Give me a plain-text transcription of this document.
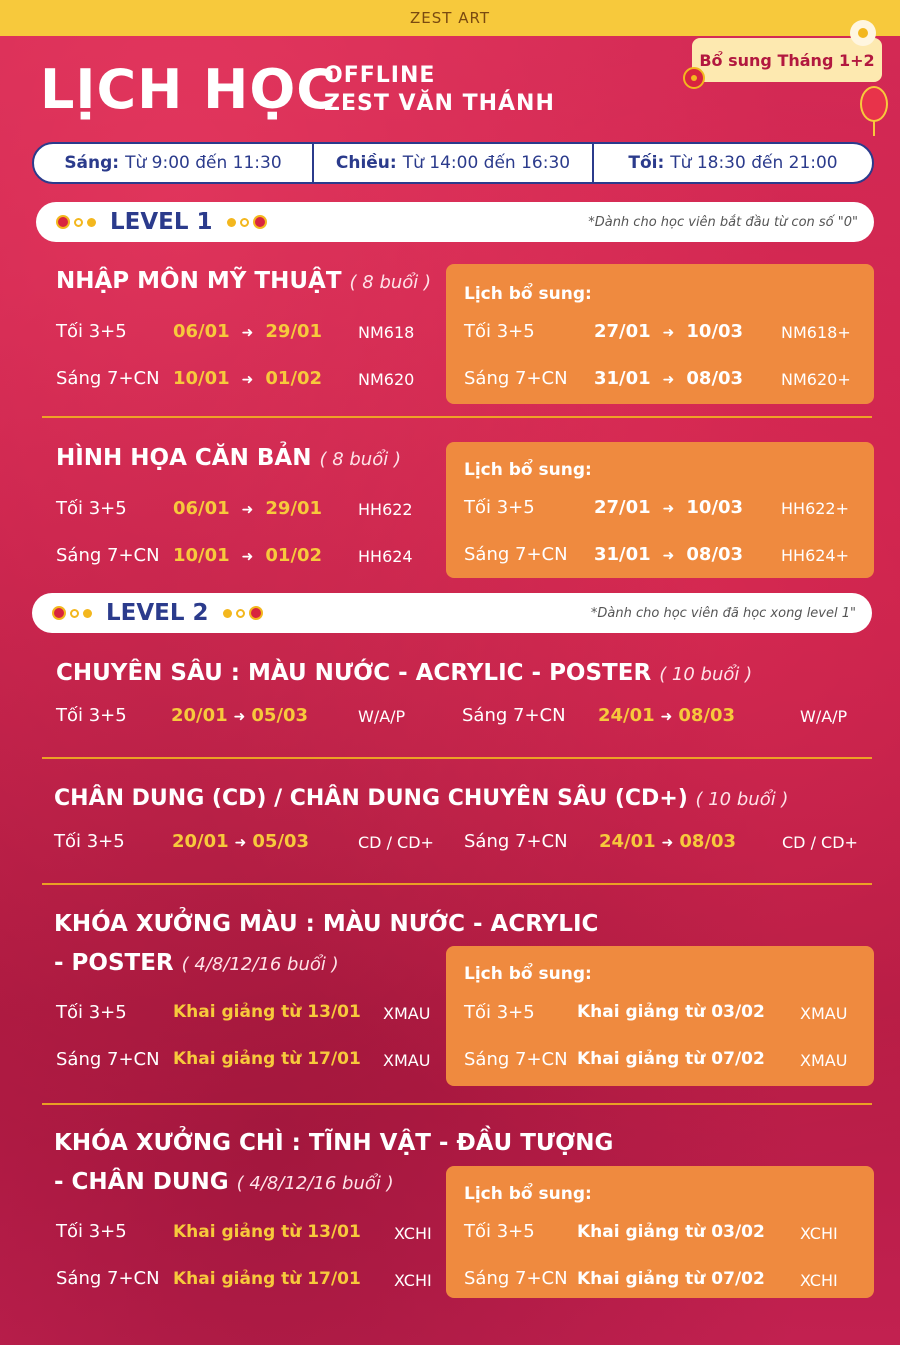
ZEST ART
LỊCH HỌC
OFFLINE
ZEST VĂN THÁNH
Bổ sung Tháng 1+2
Sáng: Từ 9:00 đến 11:30	Chiều: Từ 14:00 đến 16:30	Tối: Từ 18:30 đến 21:00
LEVEL 1	*Dành cho học viên bắt đầu từ con số "0"
NHẬP MÔN MỸ THUẬT ( 8 buổi )
Tối 3+5	06/01 ➜ 29/01 NM618
Sáng 7+CN 10/01 ➜ 01/02 NM620
Lịch bổ sung:
Tối 3+5	27/01 ➜ 10/03 NM618+
Sáng 7+CN 31/01 ➜ 08/03 NM620+
HÌNH HỌA CĂN BẢN ( 8 buổi )
Tối 3+5	06/01 ➜ 29/01 HH622
Sáng 7+CN 10/01 ➜ 01/02 HH624
Lịch bổ sung:
Tối 3+5	27/01 ➜ 10/03 HH622+
Sáng 7+CN 31/01 ➜ 08/03 HH624+
LEVEL 2	*Dành cho học viên đã học xong level 1"
CHUYÊN SÂU : MÀU NƯỚC - ACRYLIC - POSTER ( 10 buổi )
Tối 3+5 20/01 ➜ 05/03	W/A/P	Sáng 7+CN 24/01 ➜ 08/03	W/A/P
CHÂN DUNG (CD) / CHÂN DUNG CHUYÊN SÂU (CD+) ( 10 buổi )
Tối 3+5	20/01 ➜ 05/03	CD / CD+ Sáng 7+CN 24/01 ➜ 08/03	CD / CD+
KHÓA XƯỞNG MÀU : MÀU NƯỚC - ACRYLIC
- POSTER ( 4/8/12/16 buổi )
Tối 3+5	Khai giảng từ 13/01 XMAU
Sáng 7+CN Khai giảng từ 17/01 XMAU
Lịch bổ sung:
Tối 3+5 Khai giảng từ 03/02 XMAU
Sáng 7+CN Khai giảng từ 07/02 XMAU
KHÓA XƯỞNG CHÌ : TĨNH VẬT - ĐẦU TƯỢNG
- CHÂN DUNG ( 4/8/12/16 buổi )
Tối 3+5	Khai giảng từ 13/01 XCHI
Sáng 7+CN Khai giảng từ 17/01 XCHI
Lịch bổ sung:
Tối 3+5 Khai giảng từ 03/02 XCHI
Sáng 7+CN Khai giảng từ 07/02 XCHI
